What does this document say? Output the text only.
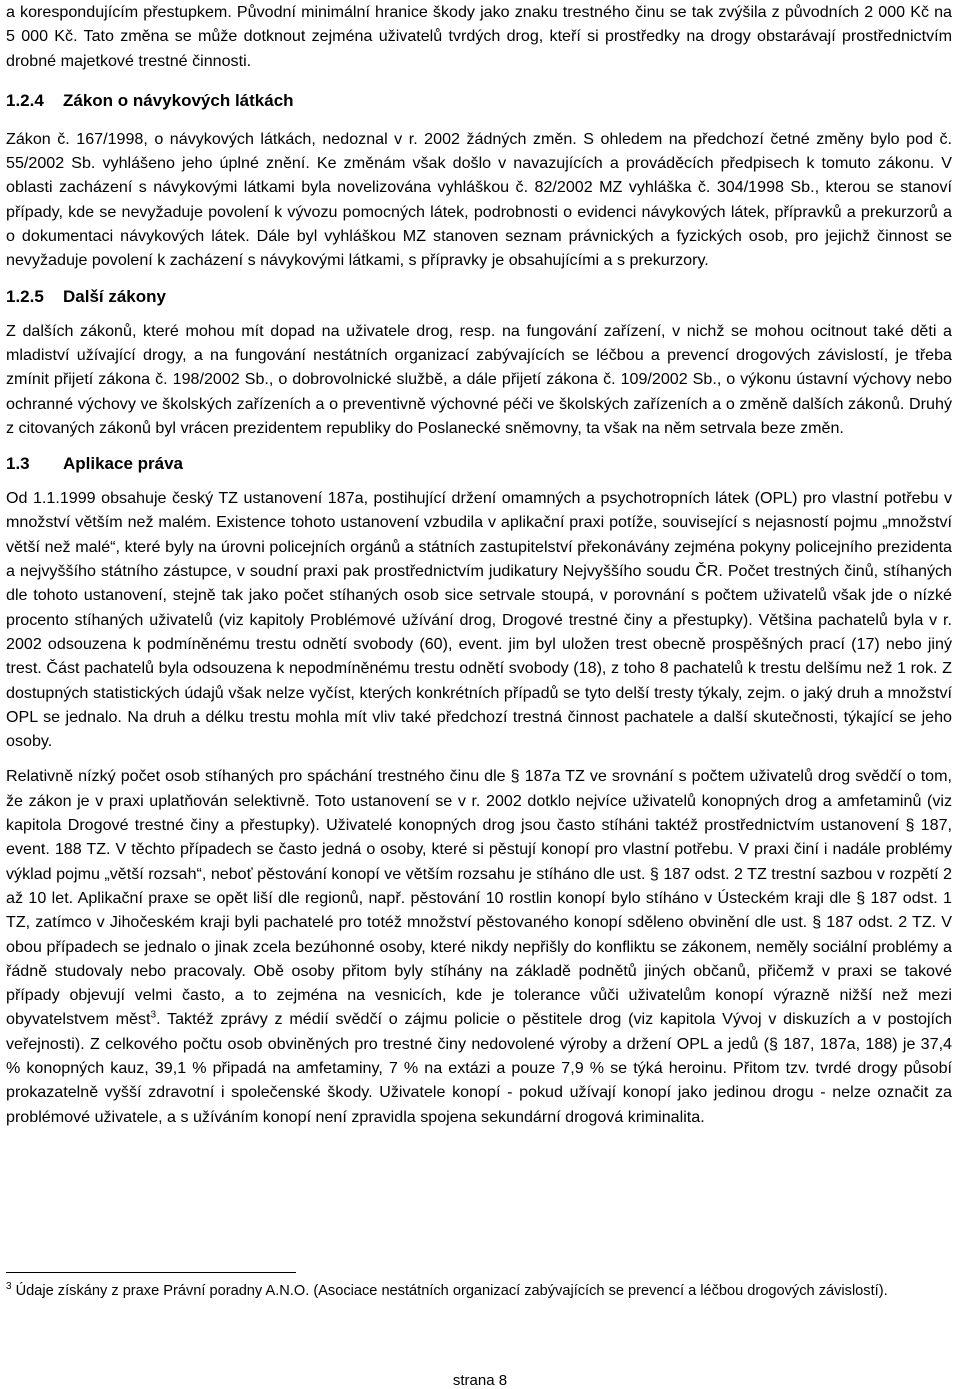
a korespondujícím přestupkem. Původní minimální hranice škody jako znaku trestného činu se tak zvýšila z původních 2 000 Kč na 5 000 Kč. Tato změna se může dotknout zejména uživatelů tvrdých drog, kteří si prostředky na drogy obstarávají prostřednictvím drobné majetkové trestné činnosti.

1.2.4 Zákon o návykových látkách

Zákon č. 167/1998, o návykových látkách, nedoznal v r. 2002 žádných změn. S ohledem na předchozí četné změny bylo pod č. 55/2002 Sb. vyhlášeno jeho úplné znění. Ke změnám však došlo v navazujících a prováděcích předpisech k tomuto zákonu. V oblasti zacházení s návykovými látkami byla novelizována vyhláškou č. 82/2002 MZ vyhláška č. 304/1998 Sb., kterou se stanoví případy, kde se nevyžaduje povolení k vývozu pomocných látek, podrobnosti o evidenci návykových látek, přípravků a prekurzorů a o dokumentaci návykových látek. Dále byl vyhláškou MZ stanoven seznam právnických a fyzických osob, pro jejichž činnost se nevyžaduje povolení k zacházení s návykovými látkami, s přípravky je obsahujícími a s prekurzory.

1.2.5 Další zákony

Z dalších zákonů, které mohou mít dopad na uživatele drog, resp. na fungování zařízení, v nichž se mohou ocitnout také děti a mladiství užívající drogy, a na fungování nestátních organizací zabývajících se léčbou a prevencí drogových závislostí, je třeba zmínit přijetí zákona č. 198/2002 Sb., o dobrovolnické službě, a dále přijetí zákona č. 109/2002 Sb., o výkonu ústavní výchovy nebo ochranné výchovy ve školských zařízeních a o preventivně výchovné péči ve školských zařízeních a o změně dalších zákonů. Druhý z citovaných zákonů byl vrácen prezidentem republiky do Poslanecké sněmovny, ta však na něm setrvala beze změn.

1.3 Aplikace práva

Od 1.1.1999 obsahuje český TZ ustanovení 187a, postihující držení omamných a psychotropních látek (OPL) pro vlastní potřebu v množství větším než malém. Existence tohoto ustanovení vzbudila v aplikační praxi potíže, související s nejasností pojmu „množství větší než malé“, které byly na úrovni policejních orgánů a státních zastupitelství překonávány zejména pokyny policejního prezidenta a nejvyššího státního zástupce, v soudní praxi pak prostřednictvím judikatury Nejvyššího soudu ČR. Počet trestných činů, stíhaných dle tohoto ustanovení, stejně tak jako počet stíhaných osob sice setrvale stoupá, v porovnání s počtem uživatelů však jde o nízké procento stíhaných uživatelů (viz kapitoly Problémové užívání drog, Drogové trestné činy a přestupky). Většina pachatelů byla v r. 2002 odsouzena k podmíněnému trestu odnětí svobody (60), event. jim byl uložen trest obecně prospěšných prací (17) nebo jiný trest. Část pachatelů byla odsouzena k nepodmíněnému trestu odnětí svobody (18), z toho 8 pachatelů k trestu delšímu než 1 rok. Z dostupných statistických údajů však nelze vyčíst, kterých konkrétních případů se tyto delší tresty týkaly, zejm. o jaký druh a množství OPL se jednalo. Na druh a délku trestu mohla mít vliv také předchozí trestná činnost pachatele a další skutečnosti, týkající se jeho osoby.

Relativně nízký počet osob stíhaných pro spáchání trestného činu dle § 187a TZ ve srovnání s počtem uživatelů drog svědčí o tom, že zákon je v praxi uplatňován selektivně. Toto ustanovení se v r. 2002 dotklo nejvíce uživatelů konopných drog a amfetaminů (viz kapitola Drogové trestné činy a přestupky). Uživatelé konopných drog jsou často stíháni taktéž prostřednictvím ustanovení § 187, event. 188 TZ. V těchto případech se často jedná o osoby, které si pěstují konopí pro vlastní potřebu. V praxi činí i nadále problémy výklad pojmu „větší rozsah“, neboť pěstování konopí ve větším rozsahu je stíháno dle ust. § 187 odst. 2 TZ trestní sazbou v rozpětí 2 až 10 let. Aplikační praxe se opět liší dle regionů, např. pěstování 10 rostlin konopí bylo stíháno v Ústeckém kraji dle § 187 odst. 1 TZ, zatímco v Jihočeském kraji byli pachatelé pro totéž množství pěstovaného konopí sděleno obvinění dle ust. § 187 odst. 2 TZ. V obou případech se jednalo o jinak zcela bezúhonné osoby, které nikdy nepřišly do konfliktu se zákonem, neměly sociální problémy a řádně studovaly nebo pracovaly. Obě osoby přitom byly stíhány na základě podnětů jiných občanů, přičemž v praxi se takové případy objevují velmi často, a to zejména na vesnicích, kde je tolerance vůči uživatelům konopí výrazně nižší než mezi obyvatelstvem měst$^3$. Taktéž zprávy z médií svědčí o zájmu policie o pěstitele drog (viz kapitola Vývoj v diskuzích a v postojích veřejnosti). Z celkového počtu osob obviněných pro trestné činy nedovolené výroby a držení OPL a jedů (§ 187, 187a, 188) je 37,4 % konopných kauz, 39,1 % připadá na amfetaminy, 7 % na extázi a pouze 7,9 % se týká heroinu. Přitom tzv. tvrdé drogy působí prokazatelně vyšší zdravotní i společenské škody. Uživatele konopí - pokud užívají konopí jako jedinou drogu - nelze označit za problémové uživatele, a s užíváním konopí není zpravidla spojena sekundární drogová kriminalita.

$^3$ Údaje získány z praxe Právní poradny A.N.O. (Asociace nestátních organizací zabývajících se prevencí a léčbou drogových závislostí).
strana 8
